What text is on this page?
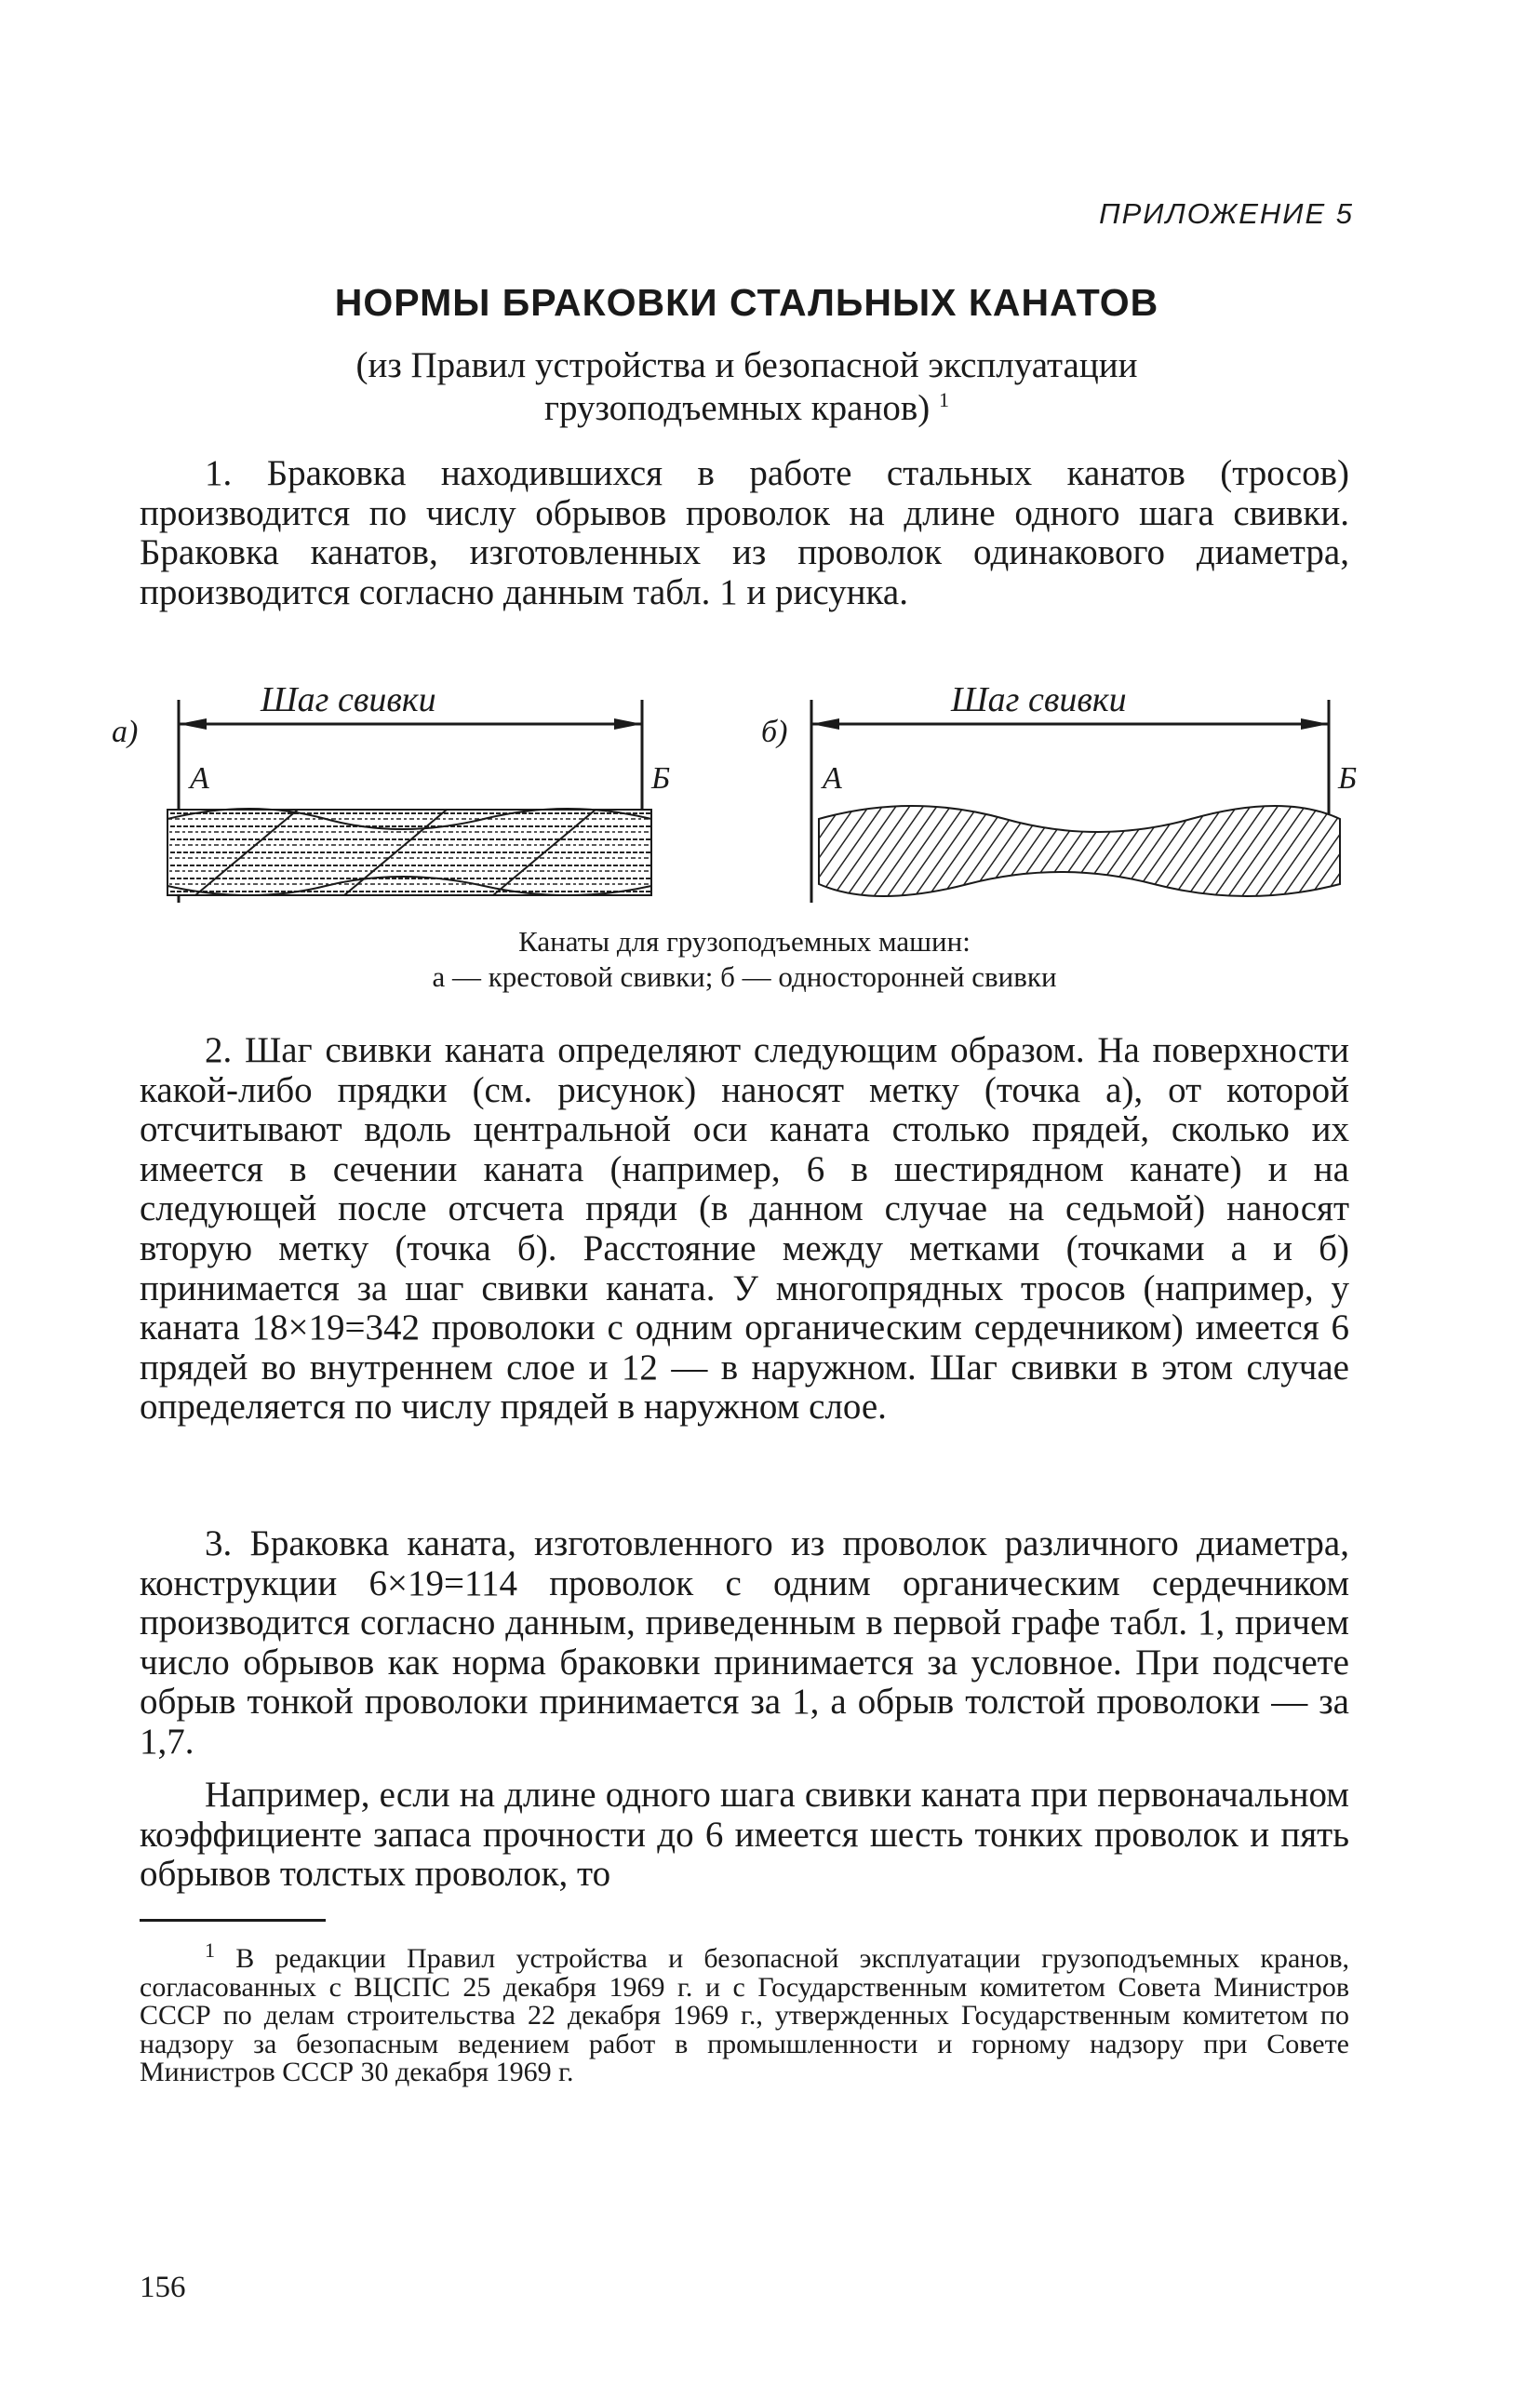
ПРИЛОЖЕНИЕ 5
НОРМЫ БРАКОВКИ СТАЛЬНЫХ КАНАТОВ
(из Правил устройства и безопасной эксплуатации
грузоподъемных кранов) $^1$

1. Браковка находившихся в работе стальных канатов (тросов) производится по числу обрывов проволок на длине одного шага свивки. Браковка канатов, изготовленных из проволок одинакового диаметра, производится согласно данным табл. 1 и рисунка.

а)	б)
Шаг свивки
А	Б
Шаг свивки
А	Б
Канаты для грузоподъемных машин:
а — крестовой свивки; б — односторонней свивки

2. Шаг свивки каната определяют следующим образом. На поверхности какой-либо прядки (см. рисунок) наносят метку (точка а), от которой отсчитывают вдоль центральной оси каната столько прядей, сколько их имеется в сечении каната (например, 6 в шестирядном канате) и на следующей после отсчета пряди (в данном случае на седьмой) наносят вторую метку (точка б). Расстояние между метками (точками а и б) принимается за шаг свивки каната. У многопрядных тросов (например, у каната 18×19=342 проволоки с одним органическим сердечником) имеется 6 прядей во внутреннем слое и 12 — в наружном. Шаг свивки в этом случае определяется по числу прядей в наружном слое.

3. Браковка каната, изготовленного из проволок различного диаметра, конструкции 6×19=114 проволок с одним органическим сердечником производится согласно данным, приведенным в первой графе табл. 1, причем число обрывов как норма браковки принимается за условное. При подсчете обрыв тонкой проволоки принимается за 1, а обрыв толстой проволоки — за 1,7.

Например, если на длине одного шага свивки каната при первоначальном коэффициенте запаса прочности до 6 имеется шесть тонких проволок и пять обрывов толстых проволок, то

$^1$ В редакции Правил устройства и безопасной эксплуатации грузоподъемных кранов, согласованных с ВЦСПС 25 декабря 1969 г. и с Государственным комитетом Совета Министров СССР по делам строительства 22 декабря 1969 г., утвержденных Государственным комитетом по надзору за безопасным ведением работ в промышленности и горному надзору при Совете Министров СССР 30 декабря 1969 г.

156
